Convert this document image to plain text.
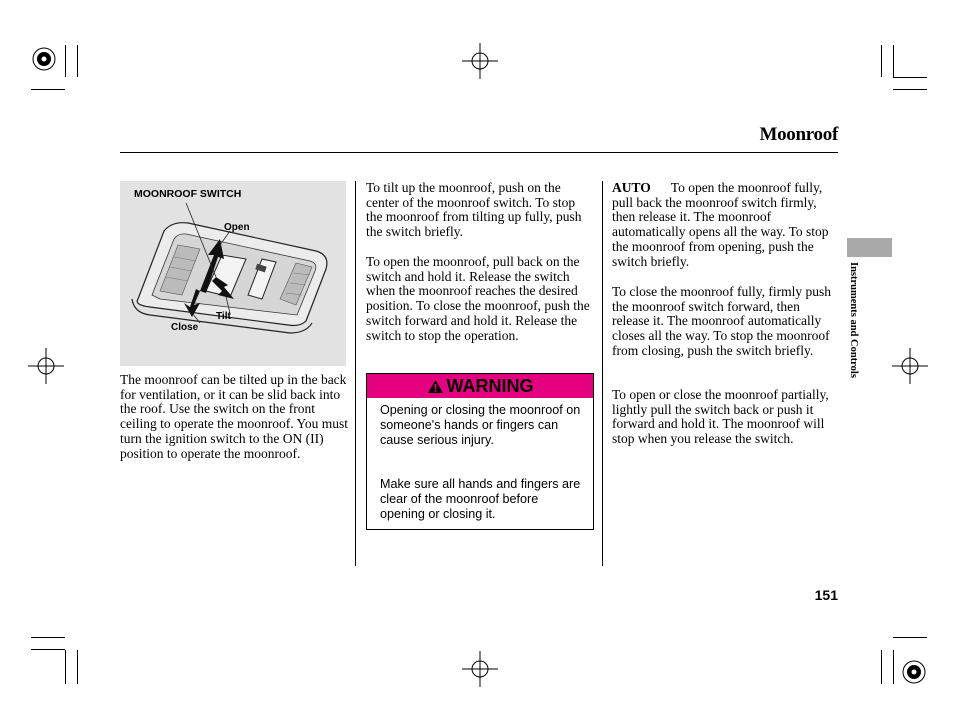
Moonroof
MOONROOF SWITCH
Open
Tilt
Close
The moonroof can be tilted up in the back for ventilation, or it can be slid back into the roof. Use the switch on the front ceiling to operate the moonroof. You must turn the ignition switch to the ON (II) position to operate the moonroof.
To tilt up the moonroof, push on the center of the moonroof switch. To stop the moonroof from tilting up fully, push the switch briefly.
To open the moonroof, pull back on the switch and hold it. Release the switch when the moonroof reaches the desired position. To close the moonroof, push the switch forward and hold it. Release the switch to stop the operation.
WARNING
Opening or closing the moonroof on someone's hands or fingers can cause serious injury.
Make sure all hands and fingers are clear of the moonroof before opening or closing it.
AUTO To open the moonroof fully, pull back the moonroof switch firmly, then release it. The moonroof automatically opens all the way. To stop the moonroof from opening, push the switch briefly.
To close the moonroof fully, firmly push the moonroof switch forward, then release it. The moonroof automatically closes all the way. To stop the moonroof from closing, push the switch briefly.
To open or close the moonroof partially, lightly pull the switch back or push it forward and hold it. The moonroof will stop when you release the switch.
Instruments and Controls
151
